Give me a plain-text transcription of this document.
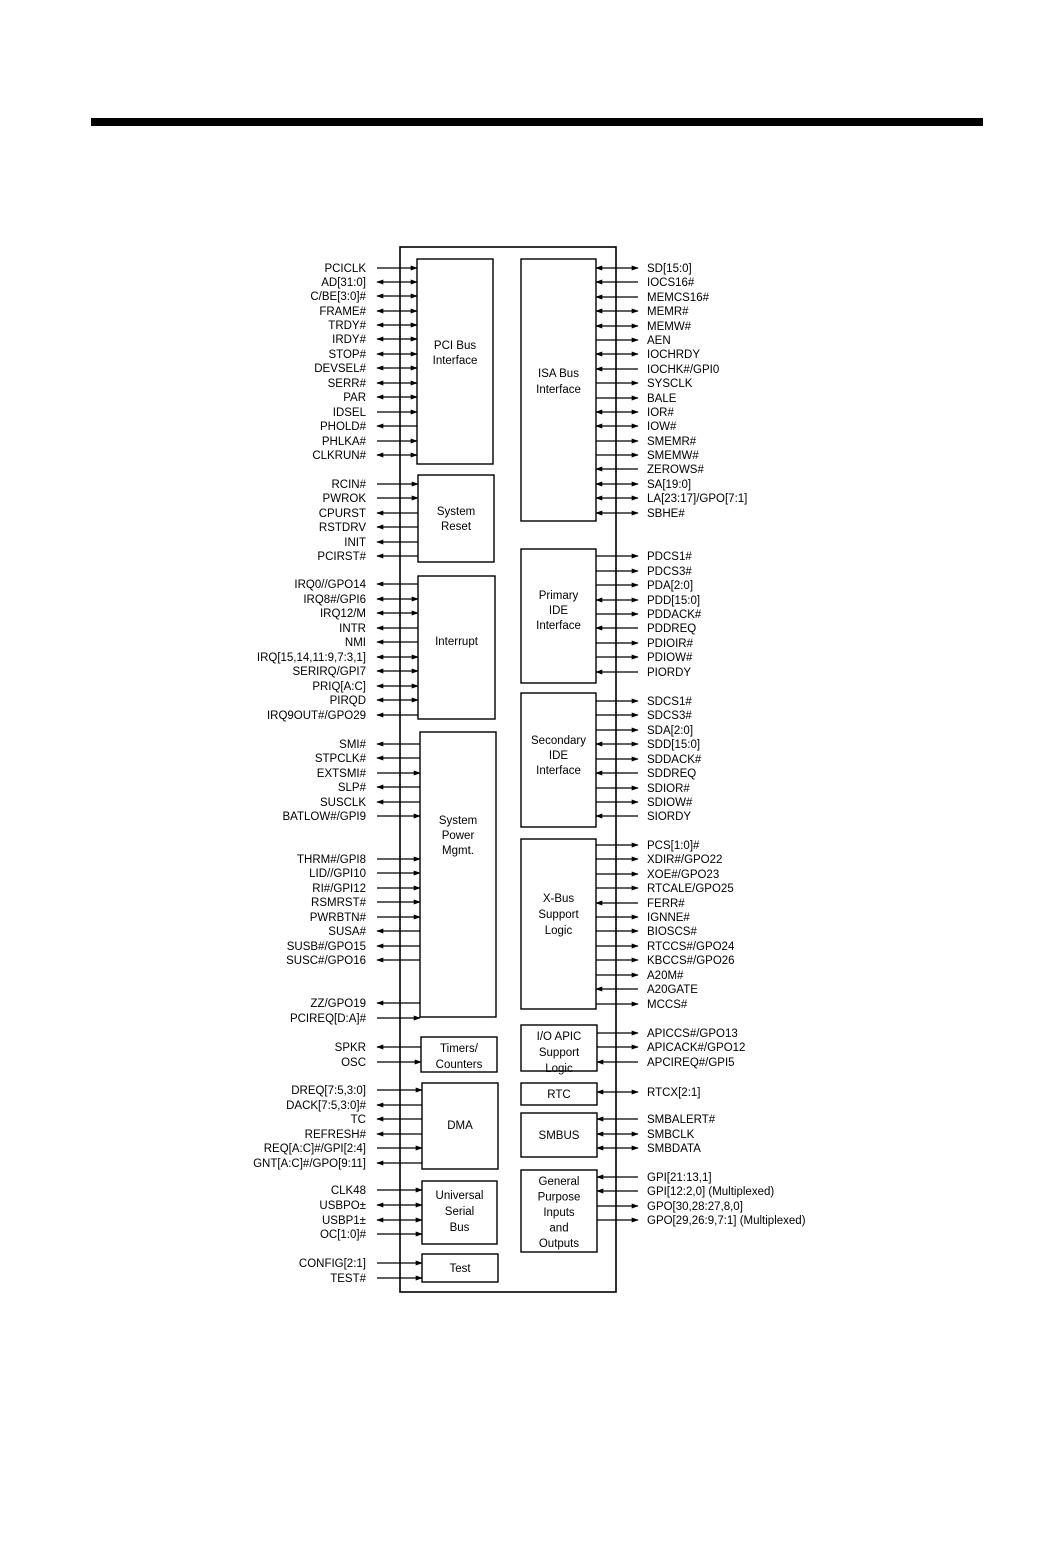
PCI Bus
Interface
System
Reset
Interrupt
System
Power
Mgmt.
Timers/
Counters
DMA
Universal
Serial
Bus
Test
ISA Bus
Interface
Primary
IDE
Interface
Secondary
IDE
Interface
X-Bus
Support
Logic
I/O APIC
Support
Logic
RTC
SMBUS
General
Purpose
Inputs
and
Outputs
PCICLK
AD[31:0]
C/BE[3:0]#
FRAME#
TRDY#
IRDY#
STOP#
DEVSEL#
SERR#
PAR
IDSEL
PHOLD#
PHLKA#
CLKRUN#
RCIN#
PWROK
CPURST
RSTDRV
INIT
PCIRST#
IRQ0//GPO14
IRQ8#/GPI6
IRQ12/M
INTR
NMI
IRQ[15,14,11:9,7:3,1]
SERIRQ/GPI7
PRIQ[A:C]
PIRQD
IRQ9OUT#/GPO29
SMI#
STPCLK#
EXTSMI#
SLP#
SUSCLK
BATLOW#/GPI9
THRM#/GPI8
LID//GPI10
RI#/GPI12
RSMRST#
PWRBTN#
SUSA#
SUSB#/GPO15
SUSC#/GPO16
ZZ/GPO19
PCIREQ[D:A]#
SPKR
OSC
DREQ[7:5,3:0]
DACK[7:5,3:0]#
TC
REFRESH#
REQ[A:C]#/GPI[2:4]
GNT[A:C]#/GPO[9:11]
CLK48
USBPO±
USBP1±
OC[1:0]#
CONFIG[2:1]
TEST#
SD[15:0]
IOCS16#
MEMCS16#
MEMR#
MEMW#
AEN
IOCHRDY
IOCHK#/GPI0
SYSCLK
BALE
IOR#
IOW#
SMEMR#
SMEMW#
ZEROWS#
SA[19:0]
LA[23:17]/GPO[7:1]
SBHE#
PDCS1#
PDCS3#
PDA[2:0]
PDD[15:0]
PDDACK#
PDDREQ
PDIOIR#
PDIOW#
PIORDY
SDCS1#
SDCS3#
SDA[2:0]
SDD[15:0]
SDDACK#
SDDREQ
SDIOR#
SDIOW#
SIORDY
PCS[1:0]#
XDIR#/GPO22
XOE#/GPO23
RTCALE/GPO25
FERR#
IGNNE#
BIOSCS#
RTCCS#/GPO24
KBCCS#/GPO26
A20M#
A20GATE
MCCS#
APICCS#/GPO13
APICACK#/GPO12
APCIREQ#/GPI5
RTCX[2:1]
SMBALERT#
SMBCLK
SMBDATA
GPI[21:13,1]
GPI[12:2,0] (Multiplexed)
GPO[30,28:27,8,0]
GPO[29,26:9,7:1] (Multiplexed)
